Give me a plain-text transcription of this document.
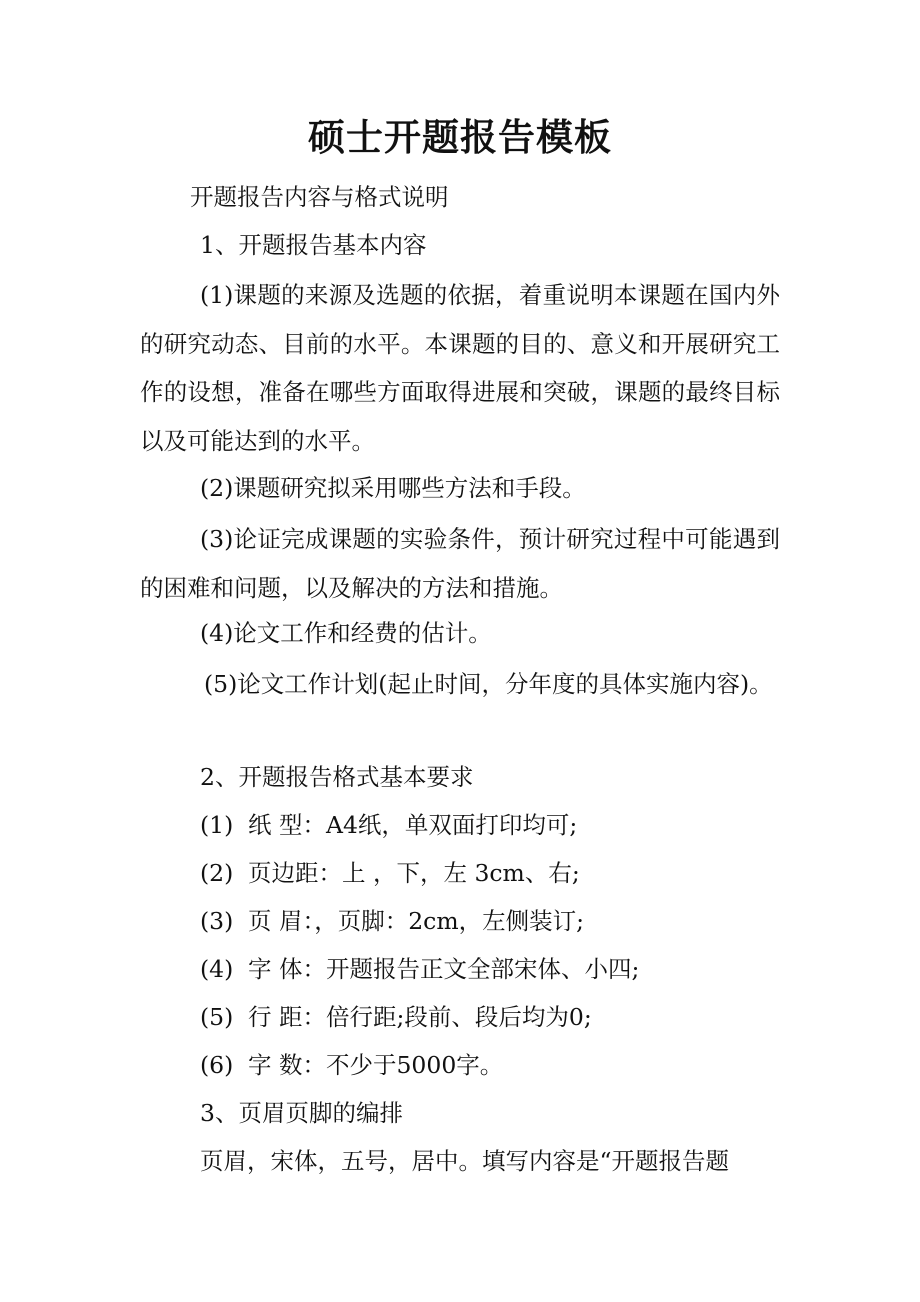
硕士开题报告模板
开题报告内容与格式说明
1、开题报告基本内容

(1)课题的来源及选题的依据，着重说明本课题在国内外的研究动态、目前的水平。本课题的目的、意义和开展研究工作的设想，准备在哪些方面取得进展和突破，课题的最终目标以及可能达到的水平。

(2)课题研究拟采用哪些方法和手段。

(3)论证完成课题的实验条件，预计研究过程中可能遇到的困难和问题，以及解决的方法和措施。

(4)论文工作和经费的估计。

(5)论文工作计划(起止时间，分年度的具体实施内容)。

2、开题报告格式基本要求
(1) 纸 型：A4纸，单双面打印均可;
(2) 页边距：上 ，下，左 3cm、右;
(3) 页 眉：，页脚：2cm，左侧装订;
(4) 字 体：开题报告正文全部宋体、小四;
(5) 行 距：倍行距;段前、段后均为0;
(6) 字 数：不少于5000字。
3、页眉页脚的编排
页眉，宋体，五号，居中。填写内容是“开题报告题
